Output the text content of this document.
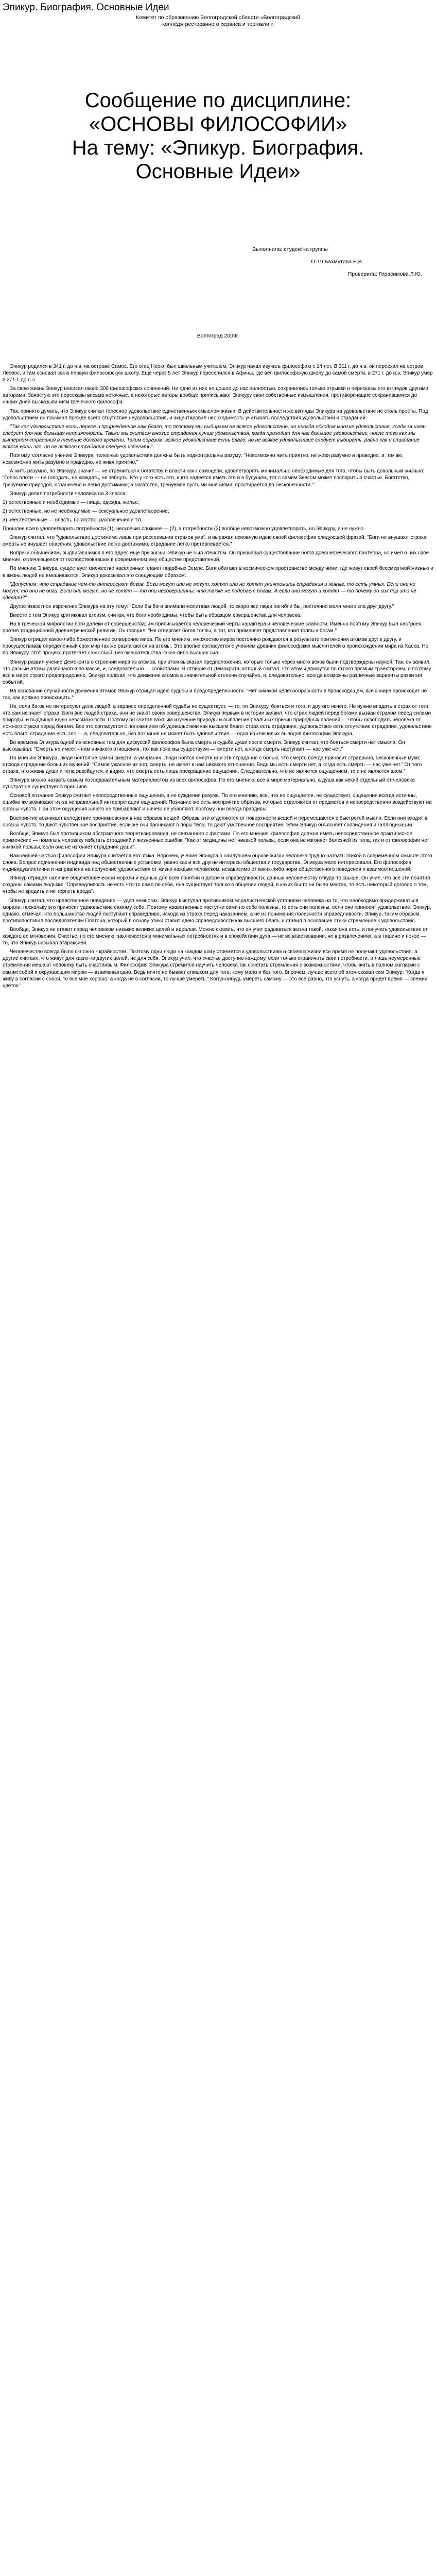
Эпикур. Биография. Основные Идеи
Комитет по образованию Волгоградской области «Волгоградский
колледж ресторанного сервиса и торговли »
Сообщение по дисциплине:
«ОСНОВЫ ФИЛОСОФИИ»
На тему: «Эпикур. Биография.
Основные Идеи»
Выполнила: студентка группы
О-19 Бахмутова Е.В.
Проверила: Герасимова Л.Ю.
Волгоград 2009г.

Эпикур родился в 341 г. до н.э. на острове Самос. Его отец Неокл был школьным учителем. Эпикур начал изучать философию с 14 лет. В 311 г. до н.э. он переехал на остров Лесбос, и там основал свою первую философскую школу. Еще через 5 лет Эпикур переселился в Афины, где вел философскую школу до самой смерти, в 271 г. до н.э. Эпикур умер в 271 г. до н.э.

За свою жизнь Эпикур написал около 300 философских сочинений. Ни одно из них не дошло до нас полностью, сохранились только отрывки и пересказы его взглядов другими авторами. Зачастую это пересказы весьма неточные, а некоторые авторы вообще приписывают Эпикуру свои собственные измышления, противоречащие сохранившимся до наших дней высказываниям греческого философа.

Так, принято думать, что Эпикур считал телесное удовольствие единственным смыслом жизни. В действительности же взгляды Эпикура на удовольствие не столь просты. Под удовольствием он понимал прежде всего отсутствие неудовольствия, и акцентировал необходимость учитывать последствия удовольствий и страданий:

"Так как удовольствие есть первое и прирожденное нам благо, то поэтому мы выбираем не всякое удовольствие, но иногда обходим многие удовольствия, когда за ними следует для нас большая неприятность. Также мы считаем многие страдания лучше удовольствия, когда приходит для нас большое удовольствие, после того как мы вытерпим страдания в течение долгого времени. Таким образом, всякое удовольствие есть благо, но не всякое удовольствие следует выбирать, равно как и страдание всякое есть зло, но не всякого страдания следует избегать".

Поэтому, согласно учению Эпикура, телесные удовольствия должны быть подконтрольны разуму: "Невозможно жить приятно, не живя разумно и праведно, и, так же, невозможно жить разумно и праведно, не живя приятно."

А жить разумно, по Эпикуру, значит — не стремиться к богатству и власти как к самоцели, удовлетворять минимально необходимые для того, чтобы быть довольным жизнью: "Голос плоти — не голодать, не жаждать, не зябнуть. Кто у кого есть это, и кто надеется иметь это и в будущем, тот с самим Зевсом может поспорить о счастье. Богатство, требуемое природой, ограничено и легко достижимо; а богатство, требуемое пустыми мнениями, простирается до бесконечности."

Эпикур делил потребности человека на 3 класса:

1) естественные и необходимые — пища, одежда, жилье;

2) естественные, но не необходимые — сексуальное удовлетворение;

3) неестественные — власть, богатство, развлечения и т.п.

Прошлее всего удовлетворить потребности (1), несколько сложнее — (2), а потребности (3) вообще невозможно удовлетворить, но Эпикуру, и не нужно.

Эпикур считал, что "удовольствие достижимо лишь при рассеивании страхов ума", и выражал основную идею своей философии следующей фразой: "Боги не внушают страха, смерть не внушает опасения, удовольствие легко достижимо, страдание легко претерпевается."

Вопреки обвинениям, выдвигавшимся в его адрес еще при жизни, Эпикур не был атеистом. Он признавал существование богов древнегреческого пантеона, но имел о них свое мнение, отличающееся от господствовавших в современном ему обществе представлений.

По мнению Эпикура, существует множество населенных планет подобных Земле. Боги обитают в космическом пространстве между ними, где живут своей бессмертной жизнью и в жизнь людей не вмешиваются. Эпикур доказывал это следующим образом:

"Допустим, что страдание чем-то интересуют богов. Боги могут или не могут, хотят или не хотят уничтожить страдания и живые, то есть умных. Если они не могут, то они не боги. Если они могут, но не хотят — то они несовершенны, что также не подобает богам. А если они могут и хотят — то почему до сих пор это не сделали?"

Другое известное изречение Эпикура на эту тему: "Если бы боги внимали молитвам людей, то скоро все люди погибли бы, постоянно моля много зла друг другу."

Вместе с тем Эпикур критиковал атеизм, считая, что боги необходимы, чтобы быть образцом совершенства для человека.

Но в греческой мифологии боги далеки от совершенства: им приписывается человеческий черты характера и человеческие слабости. Именно поэтому Эпикур был настроен против традиционной древнегреческой религии. Он говорил: "Не отвергает богов толпы, а тот, кто применяет представления толпы к богам."

Эпикур отрицал какое-либо божественное сотворение мира. По его мнению, множество миров постоянно рождаются в результате притяжения атомов друг к другу, и просуществовав определенный срок мир так же разлагаются на атомы. Это вполне согласуется с учением древних философских мыслителей о происхождении мира из Хаоса. Но, по Эпикуру, этот процесс протекает сам собой, без вмешательства каких-либо высших сил.

Эпикур развил учение Демокрита о строении мира из атомов, при этом высказал предположения, которые только через много веков были подтверждены наукой. Так, он заявил, что разные атомы различаются по массе, и, следовательно — свойствами. В отличие от Демокрита, который считал, что атомы движутся по строго прямым траекториям, и поэтому все в мире строго предопределено, Эпикур полагал, что движение атомов в значительной степени случайно, и, следовательно, всегда возможны различные варианты развития событий.

На основании случайности движения атомов Эпикур отрицал идею судьбы и предопределенности. "Нет никакой целесообразности в происходящем, все в мире происходит не так, как должно происходить."

Но, если богов не интересуют дела людей, а заранее определенной судьбы не существует, — то, по Эпикуру, бояться и того, и другого нечего. Не нужно впадать в страх от того, что сам не знает страха. Боги вне людей страха, они не знают своих совершенства. Эпикур первым в истории заявил, что страх людей перед богами вызван страхом перед силами природы, и выдвинул идею невозможности. Поэтому он считал важным изучение природы и выявление реальных причин природных явлений — чтобы освободить человека от ложного страха перед богами. Все это согласуется с положением об удовольствии как высшем благе: страх есть страдание, удовольствие есть отсутствие страдания, удовольствие есть благо, страдание есть зло — а, следовательно, без познания не может быть удовольствия — одна из ключевых выводов философии Эпикура.

Во времена Эпикура одной из основных тем для дискуссий философов была смерть и судьба души после смерти. Эпикур считал, что бояться смерти нет смысла. Он высказывал: "Смерть не имеет к нам никакого отношения, так как пока мы существуем — смерти нет, а когда смерть наступает — нас уже нет."

По мнению Эпикура, люди боятся не самой смерти, а умирания. Люди боятся смерти или эти страдания с болью, что смерть всегда приносит страдания, бесконечные муки; отсюда страдание больших мучений: "Самое ужасное из зол, смерть, не имеет к нам никакого отношения. Ведь мы есть смерти нет, а когда есть смерть — нас уже нет." От того страха, что жизнь души и тела разойдутся, и видно, что смерть есть лишь прекращение ощущения. Следовательно, что не является ощущением, то и не является злом."

Эпикура можно назвать самым последовательным материалистом из всех философов. По его мнению, все в мире материально, а душа как некий отдельный от человека субстрат не существует в принципе.

Основой познания Эпикур считает непосредственные ощущения, а не суждения разума. По его мнению, все, что не ощущается, не существует, ощущения всегда истинны, ошибки же возникают из-за неправильной интерпретации ощущений. Познание же есть восприятие образов, которые отделяются от предметов и непосредственно воздействуют на органы чувств. При этом ощущения ничего не прибавляют и ничего не убавляют, поэтому они всегда правдивы.

Восприятие возникает вследствие проникновения в нас образов вещей. Образы эти отделяются от поверхности вещей и перемещаются с быстротой мысли. Если они входят в органы чувств, то дают чувственное восприятие, если же они проникают в поры тела, то дают умственное восприятие. Этим Эпикур объясняет сновидения и галлюцинации.

Вообще, Эпикур был противником абстрактного теоретизирования, не связанного с фактами. По его мнению, философия должна иметь непосредственное практическое применение — помогать человеку избегать страданий и жизненных ошибок: "Как от медицины нет никакой пользы, если она не изгоняет болезней из тела, так и от философии нет никакой пользы, если она не изгоняет страдания души".

Важнейшей частью философии Эпикура считается его этика. Впрочем, учение Эпикура о наилучшем образе жизни человека трудно назвать этикой в современном смысле этого слова. Вопрос подчинения индивида под общественные установки, равно как и все другие интересы общества и государства, Эпикура мало интересовали. Его философия индивидуалистична и направлена на получение удовольствия от жизни каждым человеком, независимо от каких-либо норм общественного поведения и взаимоотношений.

Эпикур отрицал наличие общечеловеческой морали и единых для всех понятий о добре и справедливости, данных человечеству откуда-то свыше. Он учил, что все эти понятия созданы самими людьми: "Справедливость не есть что-то само по себе, она существует только в общении людей, в каких бы то ни было местах, то есть некоторый договор о том, чтобы не вредить и не терпеть вреда".

Эпикур считал, что нравственное поведение — удел немногих. Эпикур выступал противником моралистической установки человека на то, что необходимо придерживаться морали, поскольку это приносит удовольствие самому себе. Поэтому нравственные поступки сами по себе полезны, то есть они полезны, если они приносят удовольствие. Эпикур, однако, отмечал, что большинство людей поступают справедливо, исходя из страха перед наказанием, а не из понимания полезности справедливости. Эпикур, таким образом, противопоставил последователям Платона, который в основу этики ставит идею справедливости как высшего блага, и ставил в основание этики стремление к удовольствию.

Вообще, Эпикур не ставит перед человеком никаких великих целей и идеалов. Можно сказать, что он учит радоваться жизни такой, какая она есть, и получать удовольствие от каждого ее мгновения. Счастье, по его мнению, заключается в минимальных потребностях и в спокойствии духа — не во властвовании, не в развлечениях, а в тишине и покое — то, что Эпикур называл атараксией.

Человечество всегда было склонно к крайностям. Поэтому одни люди на каждом шагу стремятся к удовольствиям и своем в жизни все время не получают удовольствия, а другие считают, что живут для каких-то других целей, не для себя. Эпикур учил, что счастье доступно каждому, если только ограничить свои потребности, и лишь неумеренные стремления мешают человеку быть счастливым. Философия Эпикура стремится научить человека так сочетать стремления с возможностями, чтобы жить в полном согласии с самим собой и окружающим миром — взаимовыгодно. Ведь ничто не бывает слишком для того, кому мало и без того. Впрочем, лучше всего об этом сказал сам Эпикур: "Когда я живу в согласии с собой, то всё мне хорошо, а когда не в согласии, то лучше умереть." Когда-нибудь умереть самому — это все равно, что уснуть, а когда придет время — свежий цветок."
